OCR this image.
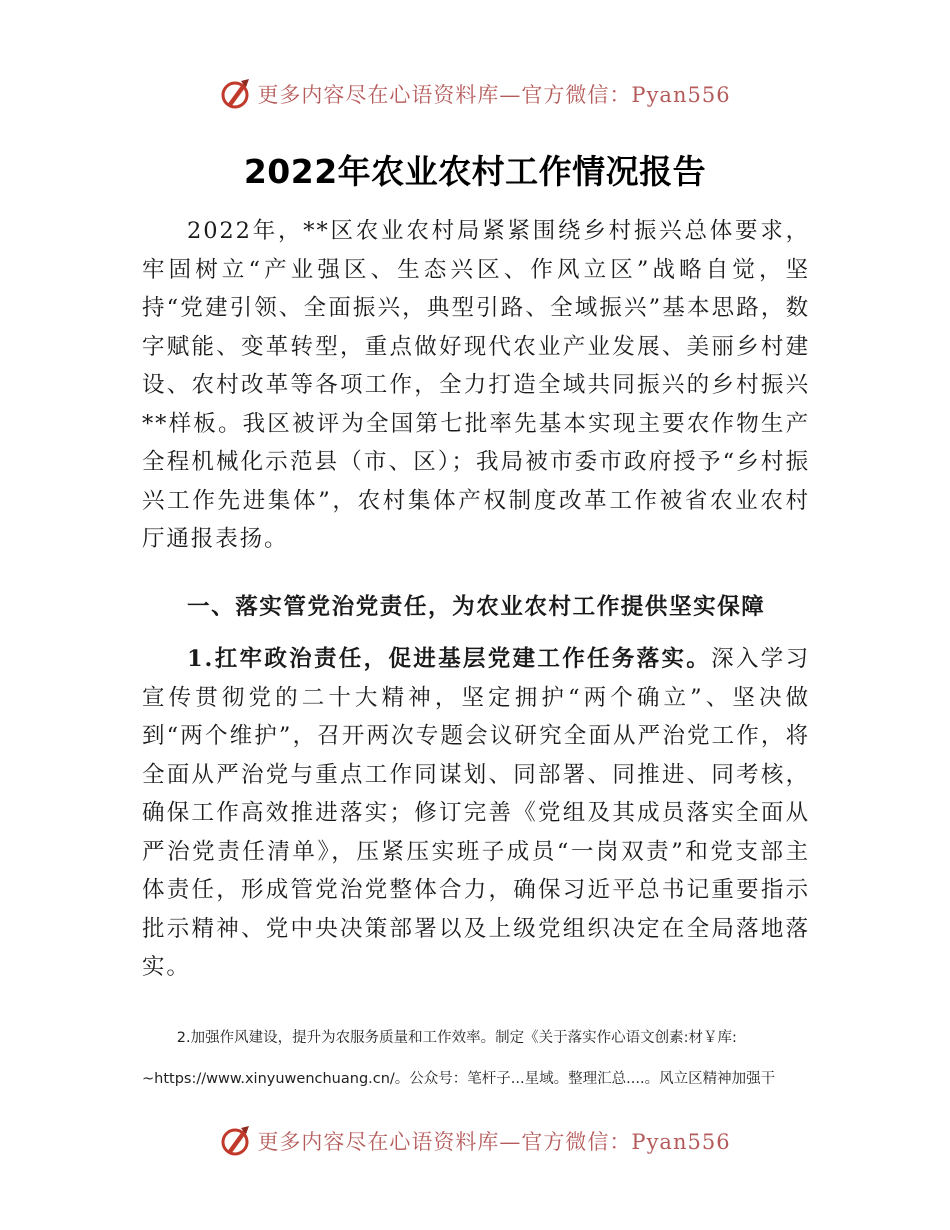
更多内容尽在心语资料库—官方微信：Pyan556
2022年农业农村工作情况报告

2022年，**区农业农村局紧紧围绕乡村振兴总体要求，牢固树立“产业强区、生态兴区、作风立区”战略自觉，坚持“党建引领、全面振兴，典型引路、全域振兴”基本思路，数字赋能、变革转型，重点做好现代农业产业发展、美丽乡村建设、农村改革等各项工作，全力打造全域共同振兴的乡村振兴**样板。我区被评为全国第七批率先基本实现主要农作物生产全程机械化示范县（市、区）；我局被市委市政府授予“乡村振兴工作先进集体”，农村集体产权制度改革工作被省农业农村厅通报表扬。

一、落实管党治党责任，为农业农村工作提供坚实保障

1.扛牢政治责任，促进基层党建工作任务落实。深入学习宣传贯彻党的二十大精神，坚定拥护“两个确立”、坚决做到“两个维护”，召开两次专题会议研究全面从严治党工作，将全面从严治党与重点工作同谋划、同部署、同推进、同考核，确保工作高效推进落实；修订完善《党组及其成员落实全面从严治党责任清单》，压紧压实班子成员“一岗双责”和党支部主体责任，形成管党治党整体合力，确保习近平总书记重要指示批示精神、党中央决策部署以及上级党组织决定在全局落地落实。

2.加强作风建设，提升为农服务质量和工作效率。制定《关于落实作心语文创素:材￥库:

~https://www.xinyuwenchuang.cn/。公众号：笔杆子...星域。整理汇总....。风立区精神加强干

更多内容尽在心语资料库—官方微信：Pyan556
